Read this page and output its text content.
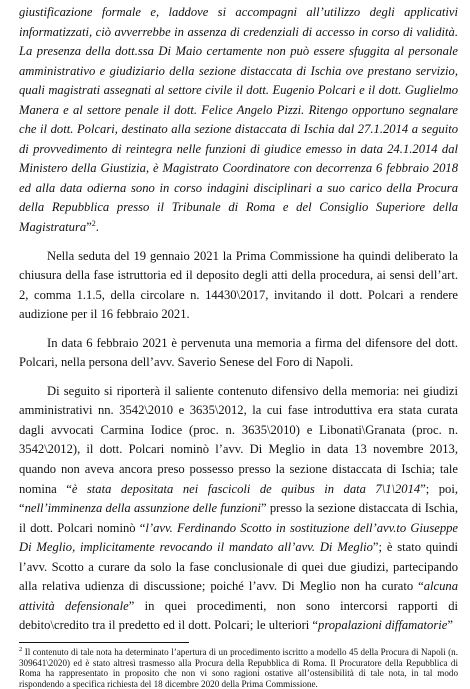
giustificazione formale e, laddove si accompagni all’utilizzo degli applicativi informatizzati, ciò avverrebbe in assenza di credenziali di accesso in corso di validità. La presenza della dott.ssa Di Maio certamente non può essere sfuggita al personale amministrativo e giudiziario della sezione distaccata di Ischia ove prestano servizio, quali magistrati assegnati al settore civile il dott. Eugenio Polcari e il dott. Guglielmo Manera e al settore penale il dott. Felice Angelo Pizzi. Ritengo opportuno segnalare che il dott. Polcari, destinato alla sezione distaccata di Ischia dal 27.1.2014 a seguito di provvedimento di reintegra nelle funzioni di giudice emesso in data 24.1.2014 dal Ministero della Giustizia, è Magistrato Coordinatore con decorrenza 6 febbraio 2018 ed alla data odierna sono in corso indagini disciplinari a suo carico della Procura della Repubblica presso il Tribunale di Roma e del Consiglio Superiore della Magistratura”$^2$.

Nella seduta del 19 gennaio 2021 la Prima Commissione ha quindi deliberato la chiusura della fase istruttoria ed il deposito degli atti della procedura, ai sensi dell’art. 2, comma 1.1.5, della circolare n. 14430\2017, invitando il dott. Polcari a rendere audizione per il 16 febbraio 2021.

In data 6 febbraio 2021 è pervenuta una memoria a firma del difensore del dott. Polcari, nella persona dell’avv. Saverio Senese del Foro di Napoli.

Di seguito si riporterà il saliente contenuto difensivo della memoria: nei giudizi amministrativi nn. 3542\2010 e 3635\2012, la cui fase introduttiva era stata curata dagli avvocati Carmina Iodice (proc. n. 3635\2010) e Libonati\Granata (proc. n. 3542\2012), il dott. Polcari nominò l’avv. Di Meglio in data 13 novembre 2013, quando non aveva ancora preso possesso presso la sezione distaccata di Ischia; tale nomina “è stata depositata nei fascicoli de quibus in data 7\1\2014”; poi, “nell’imminenza della assunzione delle funzioni” presso la sezione distaccata di Ischia, il dott. Polcari nominò “l’avv. Ferdinando Scotto in sostituzione dell’avv.to Giuseppe Di Meglio, implicitamente revocando il mandato all’avv. Di Meglio”; è stato quindi l’avv. Scotto a curare da solo la fase conclusionale di quei due giudizi, partecipando alla relativa udienza di discussione; poiché l’avv. Di Meglio non ha curato “alcuna attività defensionale” in quei procedimenti, non sono intercorsi rapporti di debito\credito tra il predetto ed il dott. Polcari; le ulteriori “propalazioni diffamatorie”

$^2$ Il contenuto di tale nota ha determinato l’apertura di un procedimento iscritto a modello 45 della Procura di Napoli (n. 309641\2020) ed è stato altresì trasmesso alla Procura della Repubblica di Roma. Il Procuratore della Repubblica di Roma ha rappresentato in proposito che non vi sono ragioni ostative all’ostensibilità di tale nota, in tal modo rispondendo a specifica richiesta del 18 dicembre 2020 della Prima Commissione.
